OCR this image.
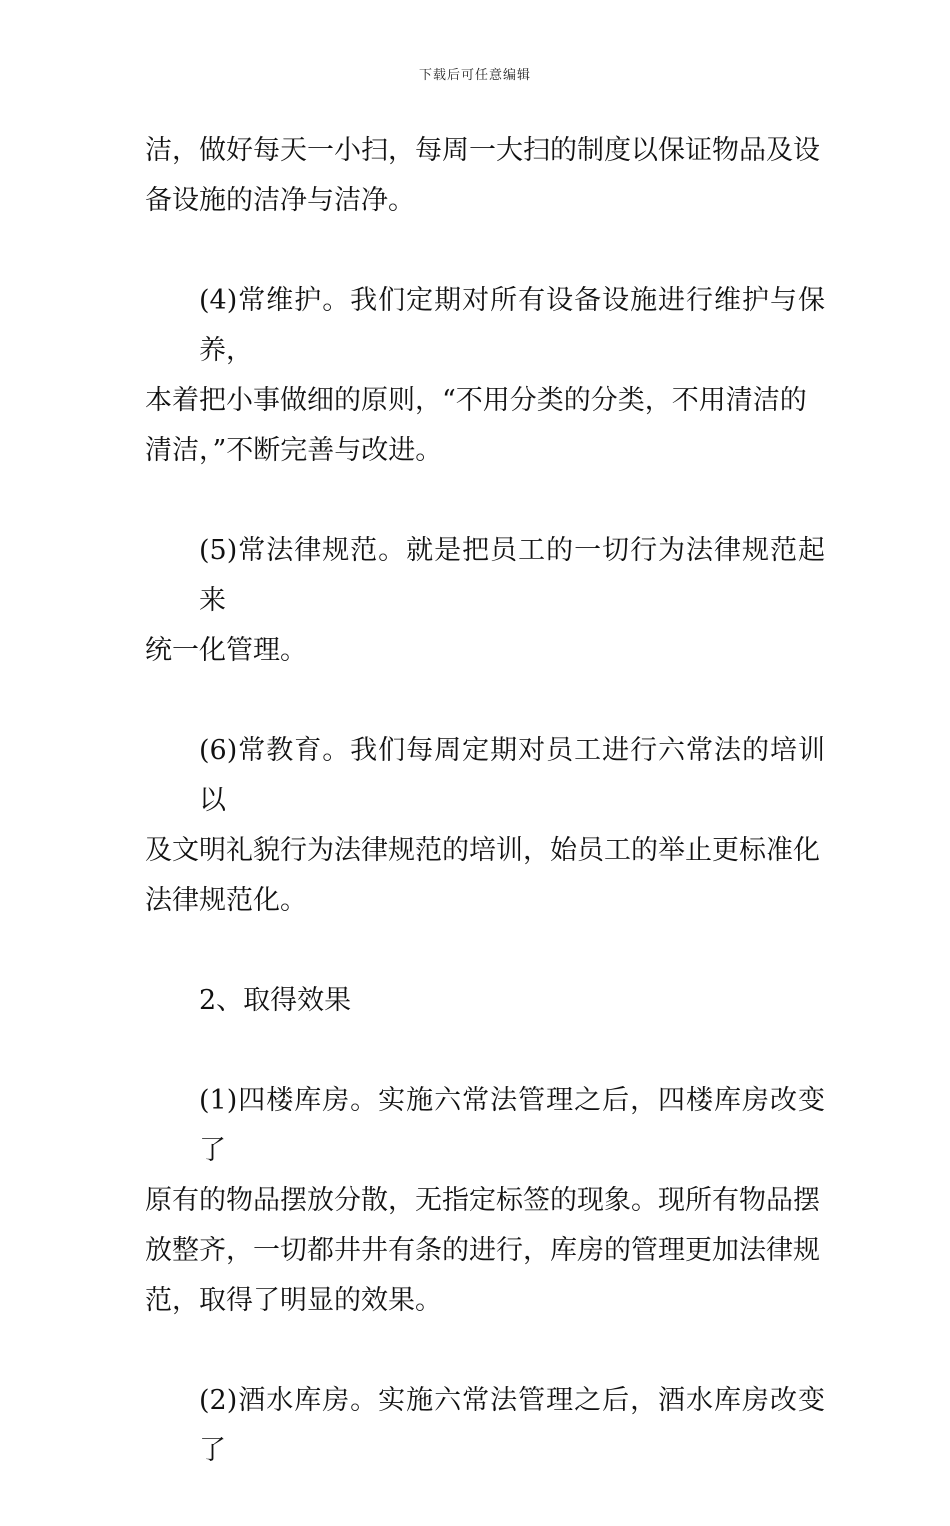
下载后可任意编辑

洁，做好每天一小扫，每周一大扫的制度以保证物品及设
备设施的洁净与洁净。

(4)常维护。我们定期对所有设备设施进行维护与保养，
本着把小事做细的原则，“不用分类的分类，不用清洁的
清洁，”不断完善与改进。

(5)常法律规范。就是把员工的一切行为法律规范起来
统一化管理。

(6)常教育。我们每周定期对员工进行六常法的培训以
及文明礼貌行为法律规范的培训，始员工的举止更标准化
法律规范化。

2、取得效果

(1)四楼库房。实施六常法管理之后，四楼库房改变了
原有的物品摆放分散，无指定标签的现象。现所有物品摆
放整齐，一切都井井有条的进行，库房的管理更加法律规
范，取得了明显的效果。

(2)酒水库房。实施六常法管理之后，酒水库房改变了
